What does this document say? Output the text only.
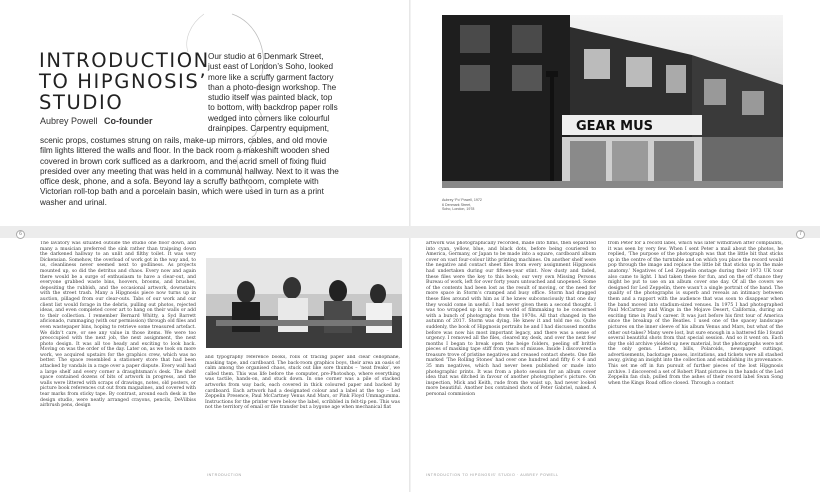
INTRODUCTION
TO HIPGNOSIS’
STUDIO
Aubrey Powell Co-founder

Our studio at 6 Denmark Street, just east of London’s Soho, looked more like a scruffy garment factory than a photo-design workshop. The studio itself was painted black, top to bottom, with backdrop paper rolls wedged into corners like colourful drainpipes. Carpentry equipment,

scenic props, costumes strung on rails, make-up mirrors, cables, and old movie film lights littered the walls and floor. In the back room a makeshift wooden shed covered in brown cork sufficed as a darkroom, and the acrid smell of fixing fluid presided over any meeting that was held in a communal hallway. Next to it was the office desk, phone, and a sofa. Beyond lay a scruffy bathroom, complete with Victorian roll-top bath and a porcelain basin, which were used in turn as a print washer and urinal.

GEAR MUS
Aubrey ‘Po’ Powell, 1972
6 Denmark Street,
Soho, London, 1978
6	7

The lavatory was situated outside the studio one floor down, and many a musician preferred the sink rather than traipsing down the darkened hallway to an unlit and filthy toilet. It was very Dickensian. Somehow, the overload of work got in the way and, to us, cleanliness never seemed next to godliness. As projects mounted up, so did the detritus and chaos. Every now and again there would be a surge of enthusiasm to have a clear-out, and everyone grabbed waste bins, hoovers, brooms, and brushes, depositing the rubbish, and the occasional artwork, downstairs with the street trash. Many a Hipgnosis piece now turns up in auction, pillaged from our clear-outs. Tabs of our work and our client list would forage in the debris, pulling out photos, rejected ideas, and even completed cover art to hang on their walls or add to their collection. I remember Bernard Whitty, a Syd Barrett aficionado, rummaging (with our permission) through old files and even wastepaper bins, hoping to retrieve some treasured artefact. We didn’t care, or see any value in those items. We were too preoccupied with the next job, the next assignment, the next photo design. It was all too heady and exciting to look back. Moving on was the order of the day. Later on, as we took on more work, we acquired upstairs for the graphics crew, which was no better. The space resembled a stationery store that had been attacked by vandals in a rage over a paper dispute. Every wall had a large shelf and every corner a draughtsman’s desk. The shelf space contained dozens of bits of artwork in progress, and the walls were littered with scraps of drawings, notes, old posters, or picture book references cut out from magazines, and covered with tear marks from sticky tape. By contrast, around each desk in the design studio, were neatly arranged crayons, pencils, DeVilbiss airbrush pens, design

and typography reference books, rolls of tracing paper and clear cellophane, masking tape, and cardboard. The back-room graphics boys, their area an oasis of calm among the organised chaos, stuck out like sore thumbs – ‘neat freaks’, we called them. This was life before the computer, pre-Photoshop, where everything was tactile, hands-on, and stuck down. In one corner was a pile of stacked artworks from way back, each covered in thick coloured paper and backed by cardboard. Each artwork had a designated colour and a label at the top – Led Zeppelin Presence, Paul McCartney Venus And Mars, or Pink Floyd Ummagumma. Instructions for the printer were below the label, scribbled in felt-tip pen. This was not the territory of email or file transfer but a bygone age when mechanical flat

artwork was photographically recorded, made into films, then separated into cyan, yellow, blue, and black dots, before being couriered to America, Germany, or Japan to be made into a square, cardboard album cover on vast four-colour litho printing machines. On another shelf were the negative and contact sheet files from every assignment Hipgnosis had undertaken during our fifteen-year stint. Now dusty and faded, these files were the key to this book; our very own Missing Persons Bureau of work, left for over forty years untouched and unopened. Some of the contents had been lost as the result of moving, or the need for more space in Storm’s cramped and busy office. Storm had dragged these files around with him as if he knew subconsciously that one day they would come in useful. I had never given them a second thought. I was too wrapped up in my own world of filmmaking to be concerned with a bunch of photographs from the 1970s. All that changed in the autumn of 2017. Storm was dying. He knew it and told me so. Quite suddenly, the book of Hipgnosis portraits he and I had discussed months before was now his most important legacy, and there was a sense of urgency. I removed all the files, cleared my desk, and over the next few months I began to break open the beige folders, peeling off brittle pieces of masking tape stiff from years of misuse. Inside I discovered a treasure trove of pristine negatives and creased contact sheets. One file marked ‘The Rolling Stones’ had over one hundred and fifty 6 × 6 and 35 mm negatives, which had never been published or made into photographic prints. It was from a photo session for an album cover idea that was ditched in favour of another photographer’s picture. On inspection, Mick and Keith, rude from the waist up, had never looked more beautiful. Another box contained shots of Peter Gabriel, naked. A personal commission

from Peter for a record label, which was later withdrawn after complaints, it was seen by very few. When I sent Peter a mail about the photos, he replied, ‘The purpose of the photograph was that the little bit that sticks up in the centre of the turntable and on which you place the record would pop through the image and replace the little bit that sticks up in the male anatomy.’ Negatives of Led Zeppelin onstage during their 1973 UK tour also came to light. I had taken these for fun, and on the off chance they might be put to use on an album cover one day. Of all the covers we designed for Led Zeppelin, there wasn’t a single portrait of the band. The quality of the photographs is superb and reveals an intimacy between them and a rapport with the audience that was soon to disappear when the band moved into stadium-sized venues. In 1975 I had photographed Paul McCartney and Wings in the Mojave Desert, California, during an exciting time in Paul’s career. It was just before his first tour of America since the breakup of the Beatles. I used one of the spacey landscape pictures on the inner sleeve of his album Venus and Mars, but what of the other out-takes? Many were lost, but sure enough in a battered file I found several beautiful shots from that special session. And so it went on. Each day the old archive yielded up new material, but the photographs were not the only gems. Letters, bills, Polaroids, newspaper cuttings, advertisements, backstage passes, invitations, and tickets were all stashed away, giving an insight into the collection and establishing its provenance. This set me off in fun pursuit of further pieces of the lost Hipgnosis archive. I discovered a set of Robert Plant pictures in the hands of the Led Zeppelin fan club, pulled from the ashes of their record label Swan Song when the Kings Road office closed. Through a contact

INTRODUCTION	INTRODUCTION TO HIPGNOSIS’ STUDIO · AUBREY POWELL
